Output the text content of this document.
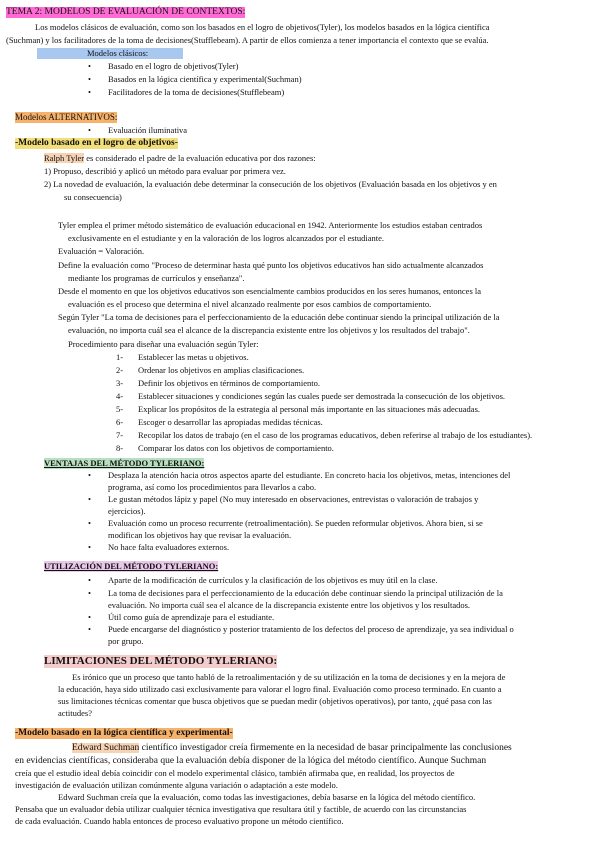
TEMA 2: MODELOS DE EVALUACIÓN DE CONTEXTOS:
Los modelos clásicos de evaluación, como son los basados en el logro de objetivos(Tyler), los modelos basados en la lógica científica
(Suchman) y los facilitadores de la toma de decisiones(Stufflebeam). A partir de ellos comienza a tener importancia el contexto que se evalúa.
Modelos clásicos:
• Basado en el logro de objetivos(Tyler)
• Basados en la lógica científica y experimental(Suchman)
• Facilitadores de la toma de decisiones(Stufflebeam)
Modelos ALTERNATIVOS:
• Evaluación iluminativa
-Modelo basado en el logro de objetivos-
Ralph Tyler es considerado el padre de la evaluación educativa por dos razones:
1) Propuso, describió y aplicó un método para evaluar por primera vez.
2) La novedad de evaluación, la evaluación debe determinar la consecución de los objetivos (Evaluación basada en los objetivos y en
su consecuencia)
Tyler emplea el primer método sistemático de evaluación educacional en 1942. Anteriormente los estudios estaban centrados
exclusivamente en el estudiante y en la valoración de los logros alcanzados por el estudiante.
Evaluación = Valoración.
Define la evaluación como "Proceso de determinar hasta qué punto los objetivos educativos han sido actualmente alcanzados
mediante los programas de currículos y enseñanza".
Desde el momento en que los objetivos educativos son esencialmente cambios producidos en los seres humanos, entonces la
evaluación es el proceso que determina el nivel alcanzado realmente por esos cambios de comportamiento.
Según Tyler "La toma de decisiones para el perfeccionamiento de la educación debe continuar siendo la principal utilización de la
evaluación, no importa cuál sea el alcance de la discrepancia existente entre los objetivos y los resultados del trabajo".
Procedimiento para diseñar una evaluación según Tyler:
1- Establecer las metas u objetivos.
2- Ordenar los objetivos en amplias clasificaciones.
3- Definir los objetivos en términos de comportamiento.
4- Establecer situaciones y condiciones según las cuales puede ser demostrada la consecución de los objetivos.
5- Explicar los propósitos de la estrategia al personal más importante en las situaciones más adecuadas.
6- Escoger o desarrollar las apropiadas medidas técnicas.
7- Recopilar los datos de trabajo (en el caso de los programas educativos, deben referirse al trabajo de los estudiantes).
8- Comparar los datos con los objetivos de comportamiento.
VENTAJAS DEL MÉTODO TYLERIANO:
• Desplaza la atención hacia otros aspectos aparte del estudiante. En concreto hacia los objetivos, metas, intenciones del
programa, así como los procedimientos para llevarlos a cabo.
• Le gustan métodos lápiz y papel (No muy interesado en observaciones, entrevistas o valoración de trabajos y
ejercicios).
• Evaluación como un proceso recurrente (retroalimentación). Se pueden reformular objetivos. Ahora bien, si se
modifican los objetivos hay que revisar la evaluación.
• No hace falta evaluadores externos.
UTILIZACIÓN DEL MÉTODO TYLERIANO:
• Aparte de la modificación de currículos y la clasificación de los objetivos es muy útil en la clase.
• La toma de decisiones para el perfeccionamiento de la educación debe continuar siendo la principal utilización de la
evaluación. No importa cuál sea el alcance de la discrepancia existente entre los objetivos y los resultados.
• Útil como guía de aprendizaje para el estudiante.
• Puede encargarse del diagnóstico y posterior tratamiento de los defectos del proceso de aprendizaje, ya sea individual o
por grupo.
LIMITACIONES DEL MÉTODO TYLERIANO:
Es irónico que un proceso que tanto habló de la retroalimentación y de su utilización en la toma de decisiones y en la mejora de
la educación, haya sido utilizado casi exclusivamente para valorar el logro final. Evaluación como proceso terminado. En cuanto a
sus limitaciones técnicas comentar que busca objetivos que se puedan medir (objetivos operativos), por tanto, ¿qué pasa con las
actitudes?
-Modelo basado en la lógica científica y experimental-
Edward Suchman científico investigador creía firmemente en la necesidad de basar principalmente las conclusiones
en evidencias científicas, consideraba que la evaluación debía disponer de la lógica del método científico. Aunque Suchman
creía que el estudio ideal debía coincidir con el modelo experimental clásico, también afirmaba que, en realidad, los proyectos de
investigación de evaluación utilizan comúnmente alguna variación o adaptación a este modelo.
Edward Suchman creía que la evaluación, como todas las investigaciones, debía basarse en la lógica del método científico.
Pensaba que un evaluador debía utilizar cualquier técnica investigativa que resultara útil y factible, de acuerdo con las circunstancias
de cada evaluación. Cuando habla entonces de proceso evaluativo propone un método científico.
